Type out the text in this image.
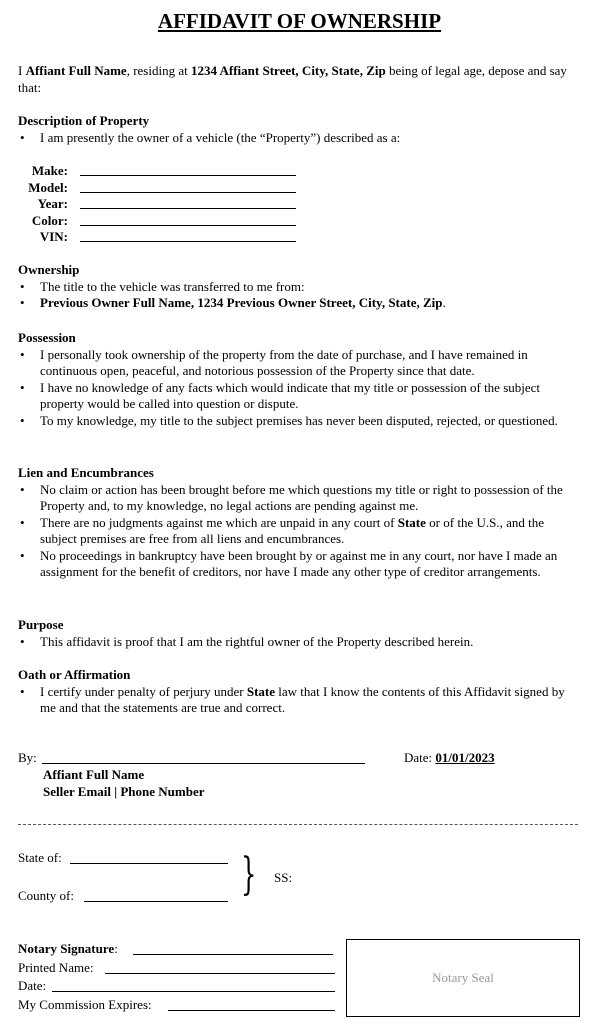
AFFIDAVIT OF OWNERSHIP
I Affiant Full Name, residing at 1234 Affiant Street, City, State, Zip being of legal age, depose and say that:
Description of Property
• I am presently the owner of a vehicle (the “Property”) described as a:
Make:
Model:
Year:
Color:
VIN:
Ownership
• The title to the vehicle was transferred to me from:
• Previous Owner Full Name, 1234 Previous Owner Street, City, State, Zip.
Possession
• I personally took ownership of the property from the date of purchase, and I have remained in continuous open, peaceful, and notorious possession of the Property since that date.
• I have no knowledge of any facts which would indicate that my title or possession of the subject property would be called into question or dispute.
• To my knowledge, my title to the subject premises has never been disputed, rejected, or questioned.
Lien and Encumbrances
• No claim or action has been brought before me which questions my title or right to possession of the Property and, to my knowledge, no legal actions are pending against me.
• There are no judgments against me which are unpaid in any court of State or of the U.S., and the subject premises are free from all liens and encumbrances.
• No proceedings in bankruptcy have been brought by or against me in any court, nor have I made an assignment for the benefit of creditors, nor have I made any other type of creditor arrangements.
Purpose
• This affidavit is proof that I am the rightful owner of the Property described herein.
Oath or Affirmation
• I certify under penalty of perjury under State law that I know the contents of this Affidavit signed by me and that the statements are true and correct.
By:	Date: 01/01/2023
Affiant Full Name
Seller Email | Phone Number
State of:
County of:	} SS:
Notary Signature:
Printed Name:
Date:
My Commission Expires:
Notary Seal
